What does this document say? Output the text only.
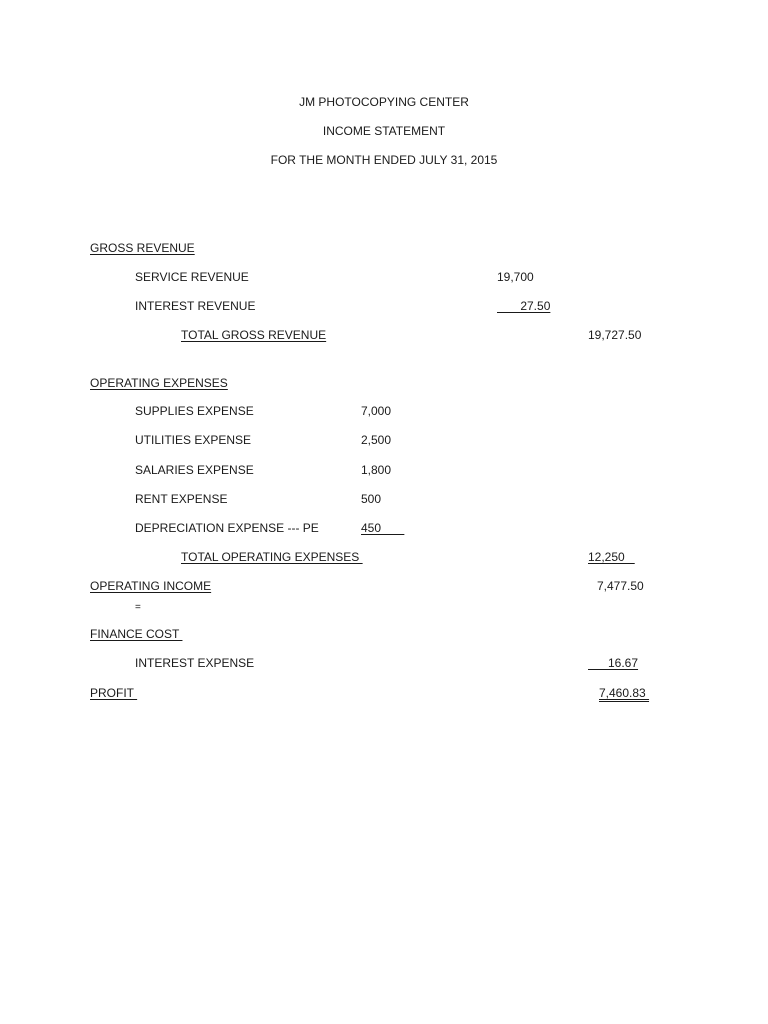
JM PHOTOCOPYING CENTER
INCOME STATEMENT
FOR THE MONTH ENDED JULY 31, 2015
GROSS REVENUE
SERVICE REVENUE	19,700
INTEREST REVENUE	27.50
TOTAL GROSS REVENUE	19,727.50
OPERATING EXPENSES
SUPPLIES EXPENSE	7,000
UTILITIES EXPENSE	2,500
SALARIES EXPENSE	1,800
RENT EXPENSE	500
DEPRECIATION EXPENSE --- PE	450
TOTAL OPERATING EXPENSES	12,250
OPERATING INCOME	7,477.50
=
FINANCE COST
INTEREST EXPENSE	16.67
PROFIT	7,460.83
